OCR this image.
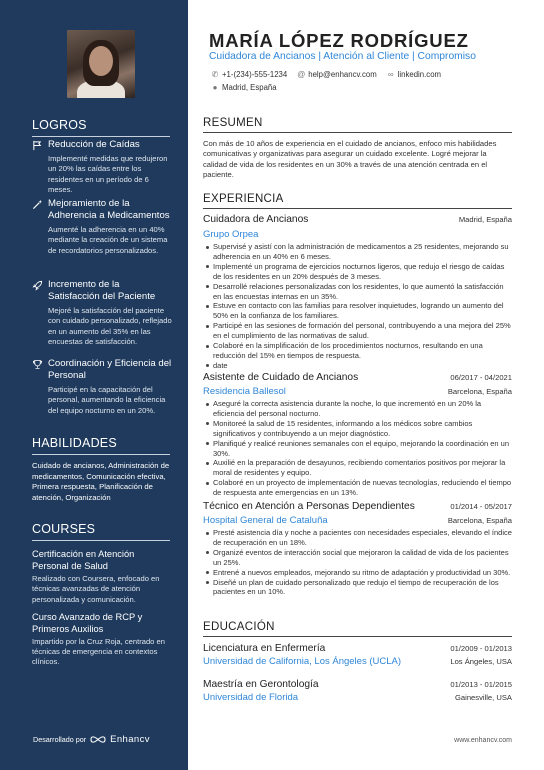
LOGROS
Reducción de Caídas
Implementé medidas que redujeron un 20% las caídas entre los residentes en un período de 6 meses.
Mejoramiento de la Adherencia a Medicamentos
Aumenté la adherencia en un 40% mediante la creación de un sistema de recordatorios personalizados.
Incremento de la Satisfacción del Paciente
Mejoré la satisfacción del paciente con cuidado personalizado, reflejado en un aumento del 35% en las encuestas de satisfacción.
Coordinación y Eficiencia del Personal
Participé en la capacitación del personal, aumentando la eficiencia del equipo nocturno en un 20%.
HABILIDADES
Cuidado de ancianos, Administración de medicamentos, Comunicación efectiva, Primera respuesta, Planificación de atención, Organización
COURSES
Certificación en Atención Personal de Salud
Realizado con Coursera, enfocado en técnicas avanzadas de atención personalizada y comunicación.
Curso Avanzado de RCP y Primeros Auxilios
Impartido por la Cruz Roja, centrado en técnicas de emergencia en contextos clínicos.
Desarrollado por	Enhancv
MARÍA LÓPEZ RODRÍGUEZ
Cuidadora de Ancianos | Atención al Cliente | Compromiso
✆ +1-(234)-555-1234 @ help@enhancv.com ∞ linkedin.com
● Madrid, España
RESUMEN
Con más de 10 años de experiencia en el cuidado de ancianos, enfoco mis habilidades comunicativas y organizativas para asegurar un cuidado excelente. Logré mejorar la calidad de vida de los residentes en un 30% a través de una atención centrada en el paciente.
EXPERIENCIA
Cuidadora de Ancianos	Madrid, España
Grupo Orpea
Supervisé y asistí con la administración de medicamentos a 25 residentes, mejorando su adherencia en un 40% en 6 meses.
Implementé un programa de ejercicios nocturnos ligeros, que redujo el riesgo de caídas de los residentes en un 20% después de 3 meses.
Desarrollé relaciones personalizadas con los residentes, lo que aumentó la satisfacción en las encuestas internas en un 35%.
Estuve en contacto con las familias para resolver inquietudes, logrando un aumento del 50% en la confianza de los familiares.
Participé en las sesiones de formación del personal, contribuyendo a una mejora del 25% en el cumplimiento de las normativas de salud.
Colaboré en la simplificación de los procedimientos nocturnos, resultando en una reducción del 15% en tiempos de respuesta.
date
Asistente de Cuidado de Ancianos	06/2017 - 04/2021
Residencia Ballesol	Barcelona, España
Aseguré la correcta asistencia durante la noche, lo que incrementó en un 20% la eficiencia del personal nocturno.
Monitoreé la salud de 15 residentes, informando a los médicos sobre cambios significativos y contribuyendo a un mejor diagnóstico.
Planifiqué y realicé reuniones semanales con el equipo, mejorando la coordinación en un 30%.
Auxilié en la preparación de desayunos, recibiendo comentarios positivos por mejorar la moral de residentes y equipo.
Colaboré en un proyecto de implementación de nuevas tecnologías, reduciendo el tiempo de respuesta ante emergencias en un 13%.
Técnico en Atención a Personas Dependientes	01/2014 - 05/2017
Hospital General de Cataluña	Barcelona, España
Presté asistencia día y noche a pacientes con necesidades especiales, elevando el índice de recuperación en un 18%.
Organizé eventos de interacción social que mejoraron la calidad de vida de los pacientes un 25%.
Entrené a nuevos empleados, mejorando su ritmo de adaptación y productividad un 30%.
Diseñé un plan de cuidado personalizado que redujo el tiempo de recuperación de los pacientes en un 10%.
EDUCACIÓN
Licenciatura en Enfermería	01/2009 - 01/2013
Universidad de California, Los Ángeles (UCLA)	Los Ángeles, USA
Maestría en Gerontología	01/2013 - 01/2015
Universidad de Florida	Gainesville, USA
www.enhancv.com
